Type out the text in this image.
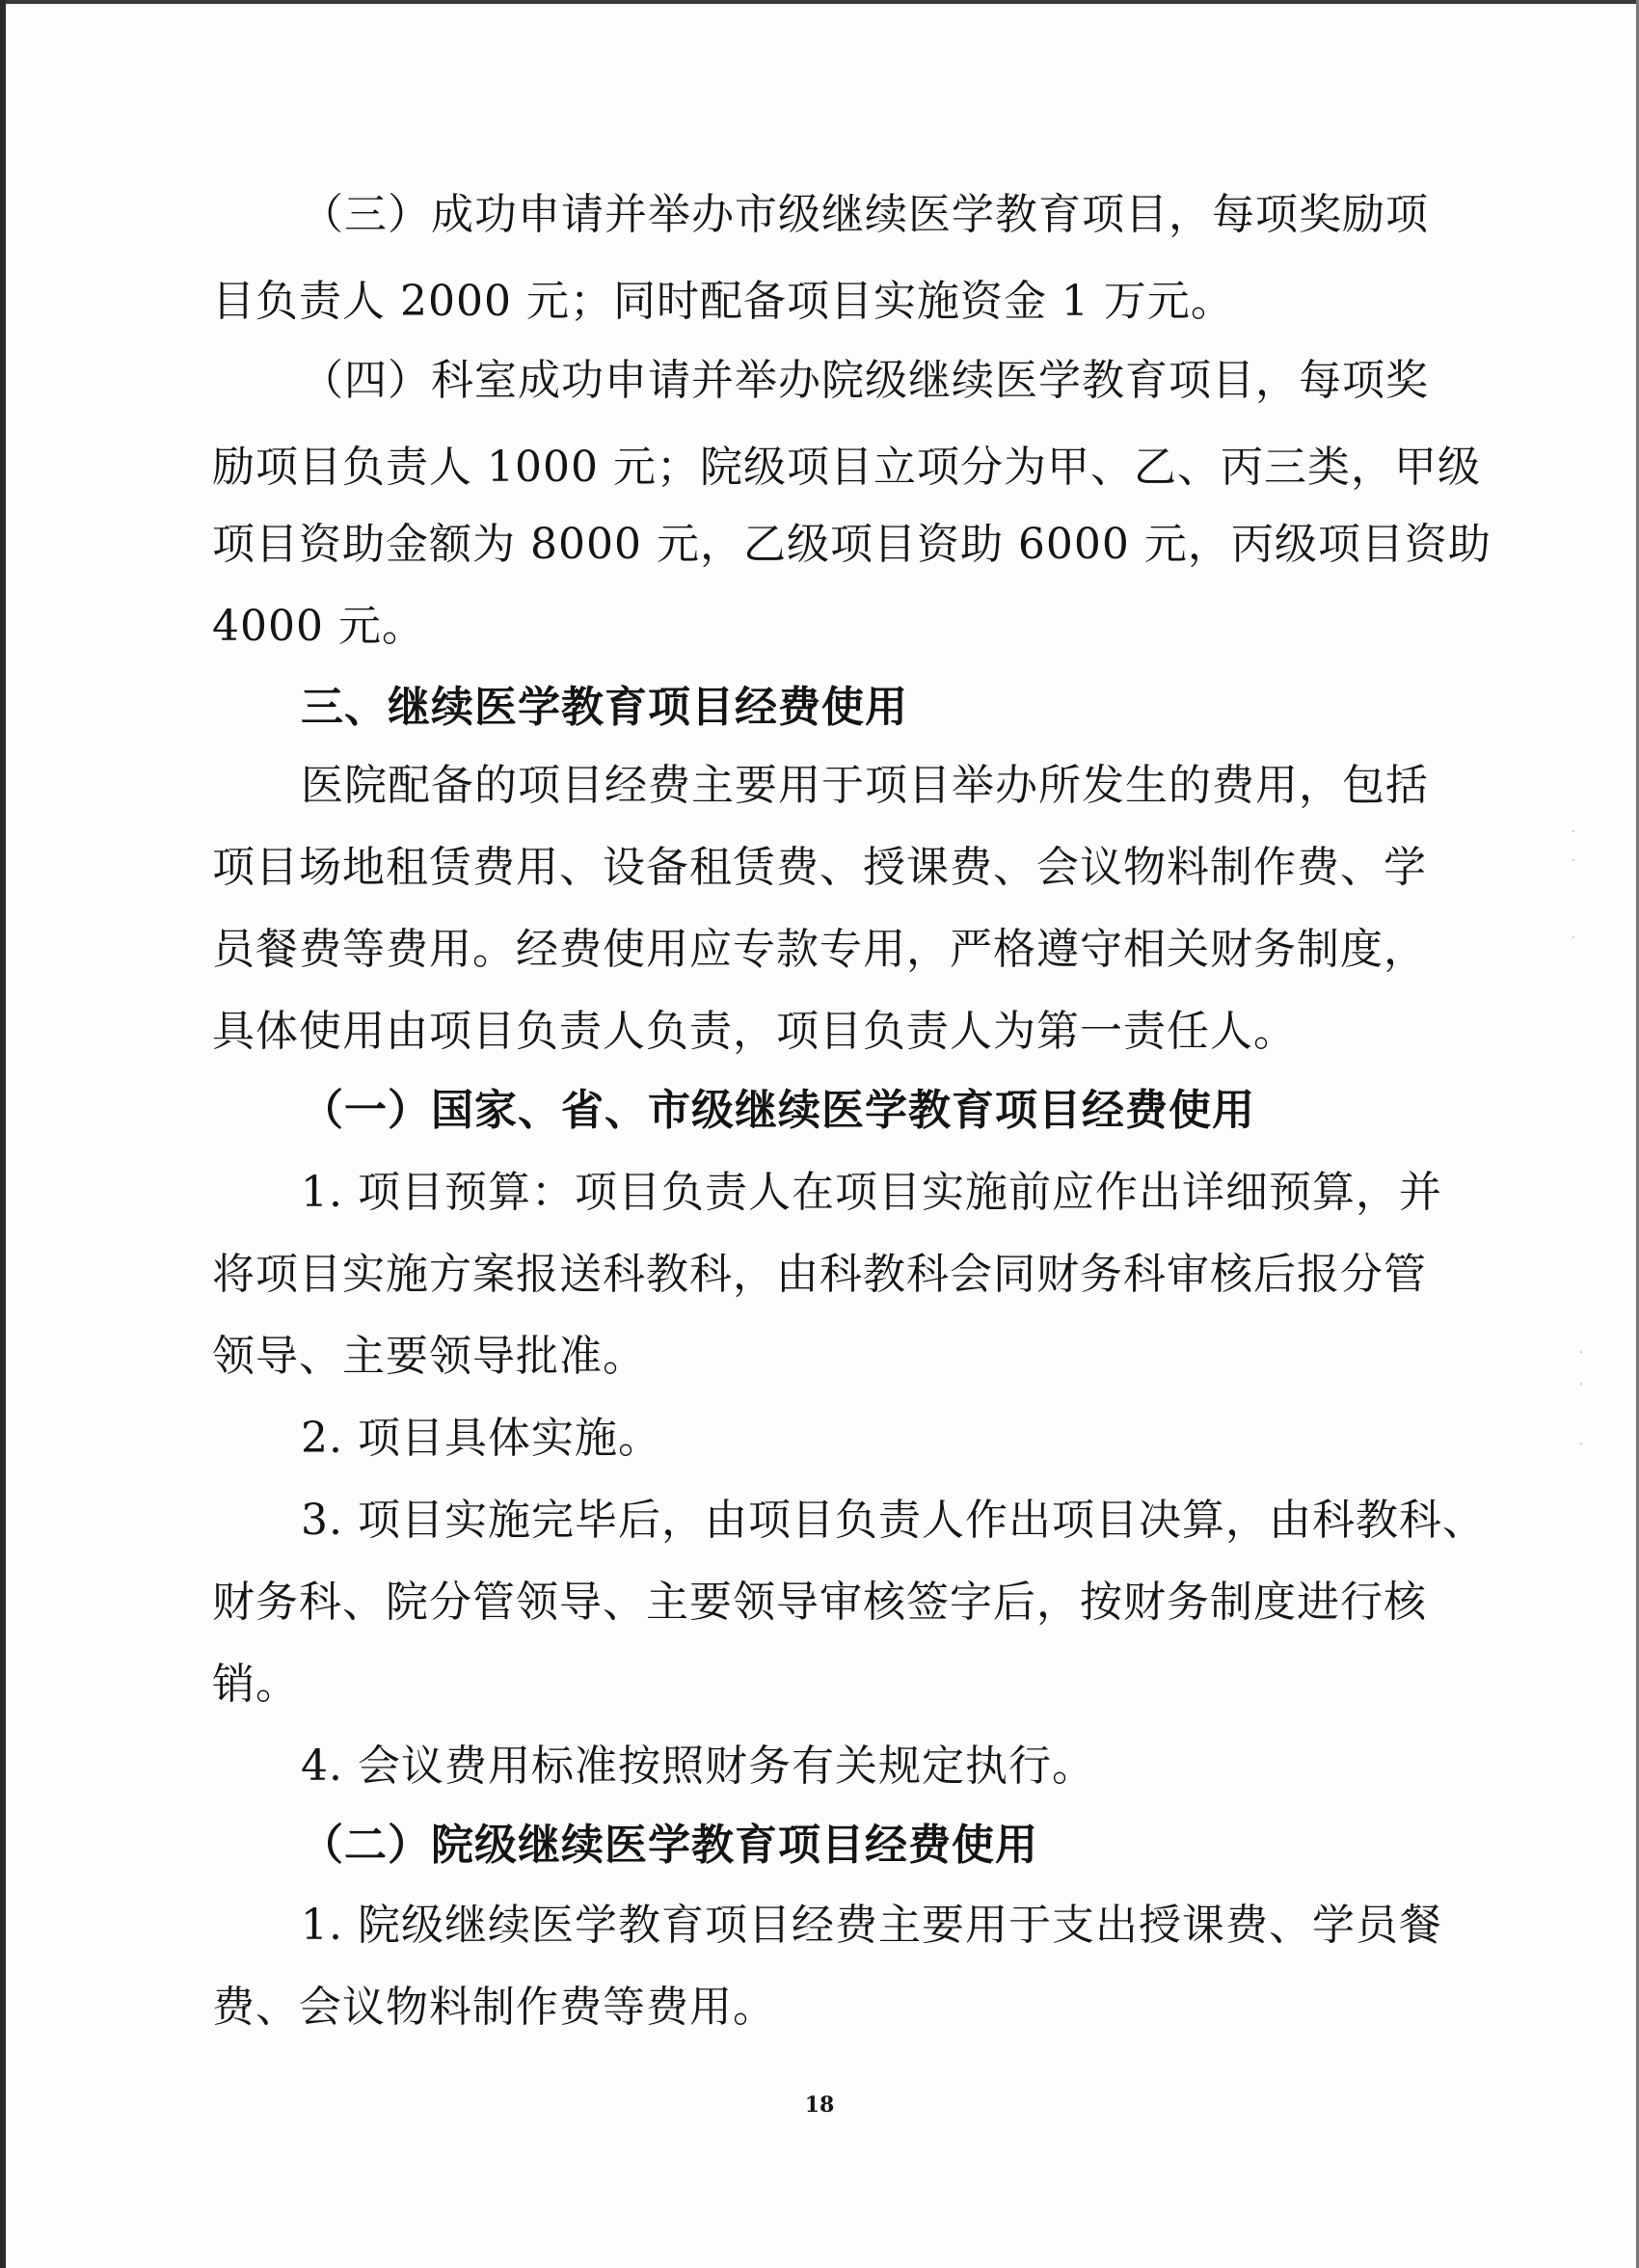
（三）成功申请并举办市级继续医学教育项目，每项奖励项

目负责人 2000 元；同时配备项目实施资金 1 万元。

（四）科室成功申请并举办院级继续医学教育项目，每项奖

励项目负责人 1000 元；院级项目立项分为甲、乙、丙三类，甲级

项目资助金额为 8000 元，乙级项目资助 6000 元，丙级项目资助

4000 元。

三、继续医学教育项目经费使用

医院配备的项目经费主要用于项目举办所发生的费用，包括

项目场地租赁费用、设备租赁费、授课费、会议物料制作费、学

员餐费等费用。经费使用应专款专用，严格遵守相关财务制度，

具体使用由项目负责人负责，项目负责人为第一责任人。

（一）国家、省、市级继续医学教育项目经费使用

1. 项目预算：项目负责人在项目实施前应作出详细预算，并

将项目实施方案报送科教科，由科教科会同财务科审核后报分管

领导、主要领导批准。

2. 项目具体实施。

3. 项目实施完毕后，由项目负责人作出项目决算，由科教科、

财务科、院分管领导、主要领导审核签字后，按财务制度进行核

销。

4. 会议费用标准按照财务有关规定执行。

（二）院级继续医学教育项目经费使用

1. 院级继续医学教育项目经费主要用于支出授课费、学员餐

费、会议物料制作费等费用。

18

·
·
·
·
·
·
